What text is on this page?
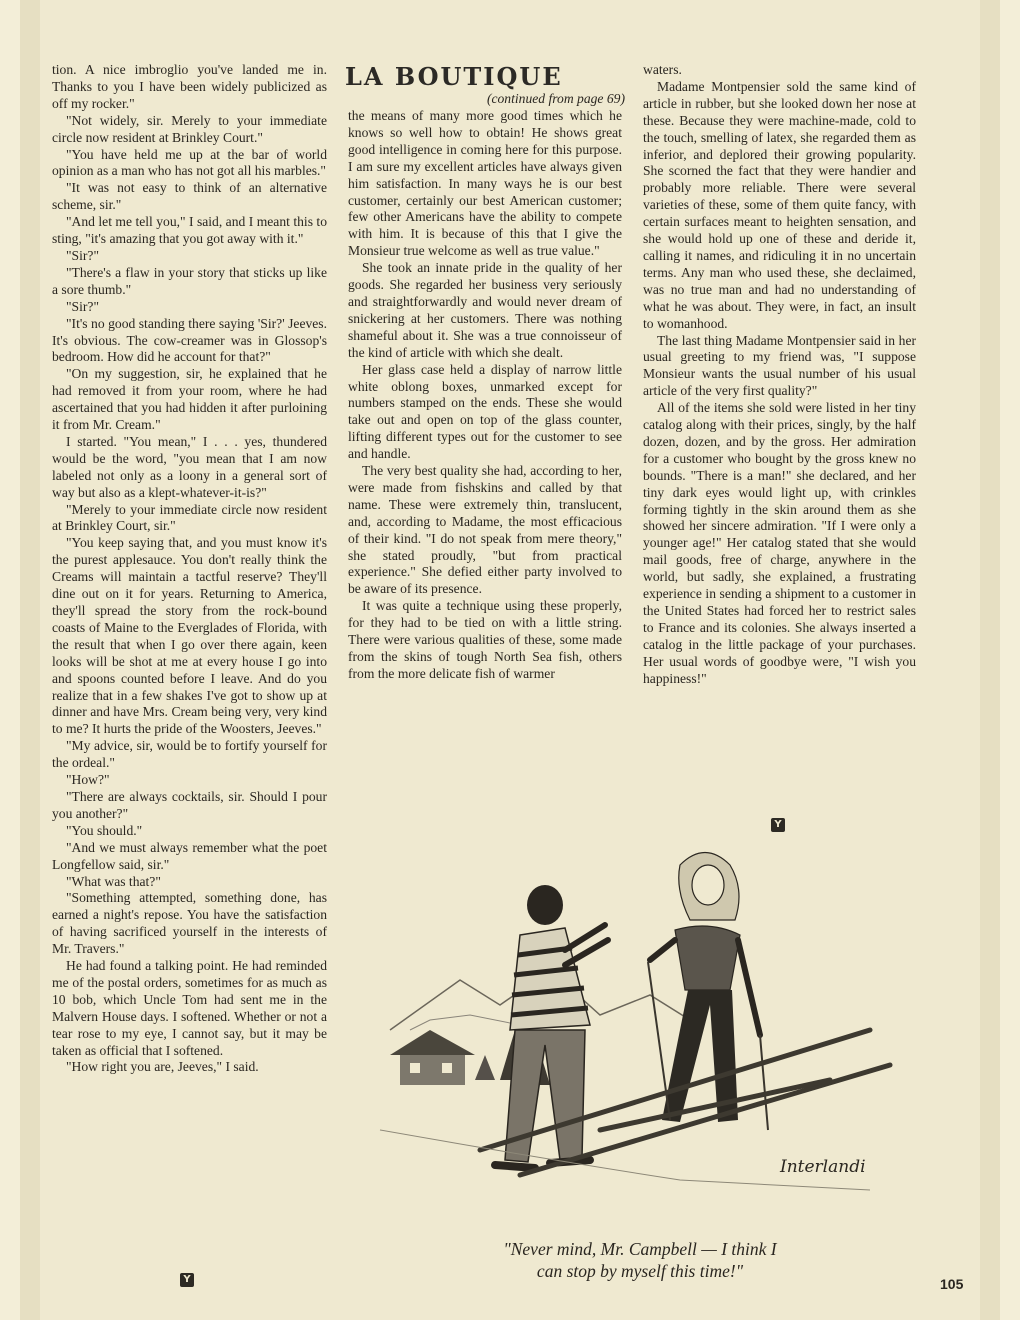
tion. A nice imbroglio you've landed me in. Thanks to you I have been widely publicized as off my rocker."

"Not widely, sir. Merely to your immediate circle now resident at Brinkley Court."

"You have held me up at the bar of world opinion as a man who has not got all his marbles."

"It was not easy to think of an alternative scheme, sir."

"And let me tell you," I said, and I meant this to sting, "it's amazing that you got away with it."

"Sir?"

"There's a flaw in your story that sticks up like a sore thumb."

"Sir?"

"It's no good standing there saying 'Sir?' Jeeves. It's obvious. The cow-creamer was in Glossop's bedroom. How did he account for that?"

"On my suggestion, sir, he explained that he had removed it from your room, where he had ascertained that you had hidden it after purloining it from Mr. Cream."

I started. "You mean," I . . . yes, thundered would be the word, "you mean that I am now labeled not only as a loony in a general sort of way but also as a klept-whatever-it-is?"

"Merely to your immediate circle now resident at Brinkley Court, sir."

"You keep saying that, and you must know it's the purest applesauce. You don't really think the Creams will maintain a tactful reserve? They'll dine out on it for years. Returning to America, they'll spread the story from the rock-bound coasts of Maine to the Everglades of Florida, with the result that when I go over there again, keen looks will be shot at me at every house I go into and spoons counted before I leave. And do you realize that in a few shakes I've got to show up at dinner and have Mrs. Cream being very, very kind to me? It hurts the pride of the Woosters, Jeeves."

"My advice, sir, would be to fortify yourself for the ordeal."

"How?"

"There are always cocktails, sir. Should I pour you another?"

"You should."

"And we must always remember what the poet Longfellow said, sir."

"What was that?"

"Something attempted, something done, has earned a night's repose. You have the satisfaction of having sacrificed yourself in the interests of Mr. Travers."

He had found a talking point. He had reminded me of the postal orders, sometimes for as much as 10 bob, which Uncle Tom had sent me in the Malvern House days. I softened. Whether or not a tear rose to my eye, I cannot say, but it may be taken as official that I softened.

"How right you are, Jeeves," I said.

LA BOUTIQUE
(continued from page 69)

the means of many more good times which he knows so well how to obtain! He shows great good intelligence in coming here for this purpose. I am sure my excellent articles have always given him satisfaction. In many ways he is our best customer, certainly our best American customer; few other Americans have the ability to compete with him. It is because of this that I give the Monsieur true welcome as well as true value."

She took an innate pride in the quality of her goods. She regarded her business very seriously and straightforwardly and would never dream of snickering at her customers. There was nothing shameful about it. She was a true connoisseur of the kind of article with which she dealt.

Her glass case held a display of narrow little white oblong boxes, unmarked except for numbers stamped on the ends. These she would take out and open on top of the glass counter, lifting different types out for the customer to see and handle.

The very best quality she had, according to her, were made from fishskins and called by that name. These were extremely thin, translucent, and, according to Madame, the most efficacious of their kind. "I do not speak from mere theory," she stated proudly, "but from practical experience." She defied either party involved to be aware of its presence.

It was quite a technique using these properly, for they had to be tied on with a little string. There were various qualities of these, some made from the skins of tough North Sea fish, others from the more delicate fish of warmer

waters.

Madame Montpensier sold the same kind of article in rubber, but she looked down her nose at these. Because they were machine-made, cold to the touch, smelling of latex, she regarded them as inferior, and deplored their growing popularity. She scorned the fact that they were handier and probably more reliable. There were several varieties of these, some of them quite fancy, with certain surfaces meant to heighten sensation, and she would hold up one of these and deride it, calling it names, and ridiculing it in no uncertain terms. Any man who used these, she declaimed, was no true man and had no understanding of what he was about. They were, in fact, an insult to womanhood.

The last thing Madame Montpensier said in her usual greeting to my friend was, "I suppose Monsieur wants the usual number of his usual article of the very first quality?"

All of the items she sold were listed in her tiny catalog along with their prices, singly, by the half dozen, dozen, and by the gross. Her admiration for a customer who bought by the gross knew no bounds. "There is a man!" she declared, and her tiny dark eyes would light up, with crinkles forming tightly in the skin around them as she showed her sincere admiration. "If I were only a younger age!" Her catalog stated that she would mail goods, free of charge, anywhere in the world, but sadly, she explained, a frustrating experience in sending a shipment to a customer in the United States had forced her to restrict sales to France and its colonies. She always inserted a catalog in the little package of your purchases. Her usual words of goodbye were, "I wish you happiness!"

Y
Y
Interlandi
"Never mind, Mr. Campbell — I think I
can stop by myself this time!"
105
